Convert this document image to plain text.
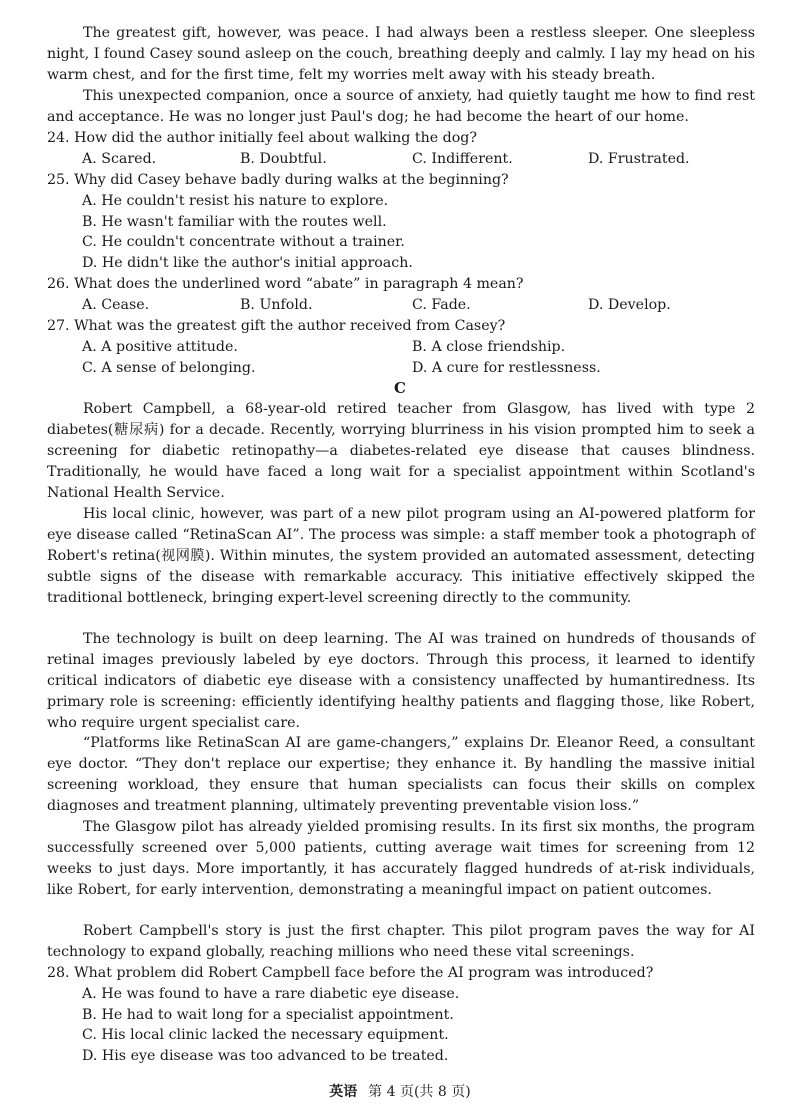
The greatest gift, however, was peace. I had always been a restless sleeper. One sleepless night, I found Casey sound asleep on the couch, breathing deeply and calmly. I lay my head on his warm chest, and for the first time, felt my worries melt away with his steady breath.

This unexpected companion, once a source of anxiety, had quietly taught me how to find rest and acceptance. He was no longer just Paul's dog; he had become the heart of our home.

24. How did the author initially feel about walking the dog?
A. Scared.	B. Doubtful.	C. Indifferent.	D. Frustrated.
25. Why did Casey behave badly during walks at the beginning?
A. He couldn't resist his nature to explore.
B. He wasn't familiar with the routes well.
C. He couldn't concentrate without a trainer.
D. He didn't like the author's initial approach.
26. What does the underlined word “abate” in paragraph 4 mean?
A. Cease.	B. Unfold.	C. Fade.	D. Develop.
27. What was the greatest gift the author received from Casey?
A. A positive attitude.	B. A close friendship.
C. A sense of belonging.	D. A cure for restlessness.
C

Robert Campbell, a 68-year-old retired teacher from Glasgow, has lived with type 2 diabetes(糖尿病) for a decade. Recently, worrying blurriness in his vision prompted him to seek a screening for diabetic retinopathy—a diabetes-related eye disease that causes blindness. Traditionally, he would have faced a long wait for a specialist appointment within Scotland's National Health Service.

His local clinic, however, was part of a new pilot program using an AI-powered platform for eye disease called “RetinaScan AI”. The process was simple: a staff member took a photograph of Robert's retina(视网膜). Within minutes, the system provided an automated assessment, detecting subtle signs of the disease with remarkable accuracy. This initiative effectively skipped the traditional bottleneck, bringing expert-level screening directly to the community.

The technology is built on deep learning. The AI was trained on hundreds of thousands of retinal images previously labeled by eye doctors. Through this process, it learned to identify critical indicators of diabetic eye disease with a consistency unaffected by humantiredness. Its primary role is screening: efficiently identifying healthy patients and flagging those, like Robert, who require urgent specialist care.

“Platforms like RetinaScan AI are game-changers,” explains Dr. Eleanor Reed, a consultant eye doctor. “They don't replace our expertise; they enhance it. By handling the massive initial screening workload, they ensure that human specialists can focus their skills on complex diagnoses and treatment planning, ultimately preventing preventable vision loss.”

The Glasgow pilot has already yielded promising results. In its first six months, the program successfully screened over 5,000 patients, cutting average wait times for screening from 12 weeks to just days. More importantly, it has accurately flagged hundreds of at-risk individuals, like Robert, for early intervention, demonstrating a meaningful impact on patient outcomes.

Robert Campbell's story is just the first chapter. This pilot program paves the way for AI technology to expand globally, reaching millions who need these vital screenings.

28. What problem did Robert Campbell face before the AI program was introduced?
A. He was found to have a rare diabetic eye disease.
B. He had to wait long for a specialist appointment.
C. His local clinic lacked the necessary equipment.
D. His eye disease was too advanced to be treated.
英语 第 4 页(共 8 页)
